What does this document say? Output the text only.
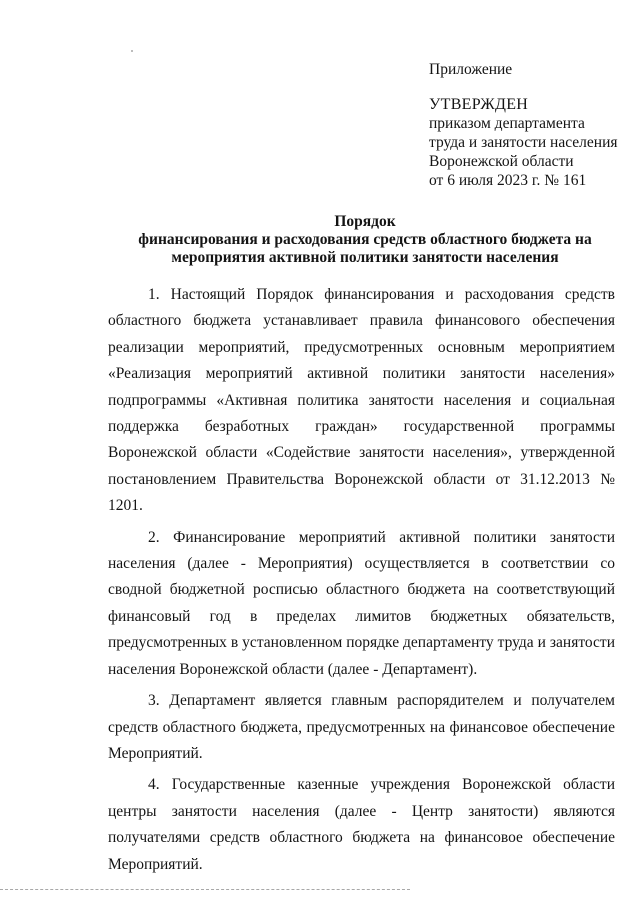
Приложение
УТВЕРЖДЕН
приказом департамента
труда и занятости населения
Воронежской области
от 6 июля 2023 г. № 161
Порядок
финансирования и расходования средств областного бюджета на
мероприятия активной политики занятости населения

1. Настоящий Порядок финансирования и расходования средств областного бюджета устанавливает правила финансового обеспечения реализации мероприятий, предусмотренных основным мероприятием «Реализация мероприятий активной политики занятости населения» подпрограммы «Активная политика занятости населения и социальная поддержка безработных граждан» государственной программы Воронежской области «Содействие занятости населения», утвержденной постановлением Правительства Воронежской области от 31.12.2013 № 1201.

2. Финансирование мероприятий активной политики занятости населения (далее - Мероприятия) осуществляется в соответствии со сводной бюджетной росписью областного бюджета на соответствующий финансовый год в пределах лимитов бюджетных обязательств, предусмотренных в установленном порядке департаменту труда и занятости населения Воронежской области (далее - Департамент).

3. Департамент является главным распорядителем и получателем средств областного бюджета, предусмотренных на финансовое обеспечение Мероприятий.

4. Государственные казенные учреждения Воронежской области центры занятости населения (далее - Центр занятости) являются получателями средств областного бюджета на финансовое обеспечение Мероприятий.
